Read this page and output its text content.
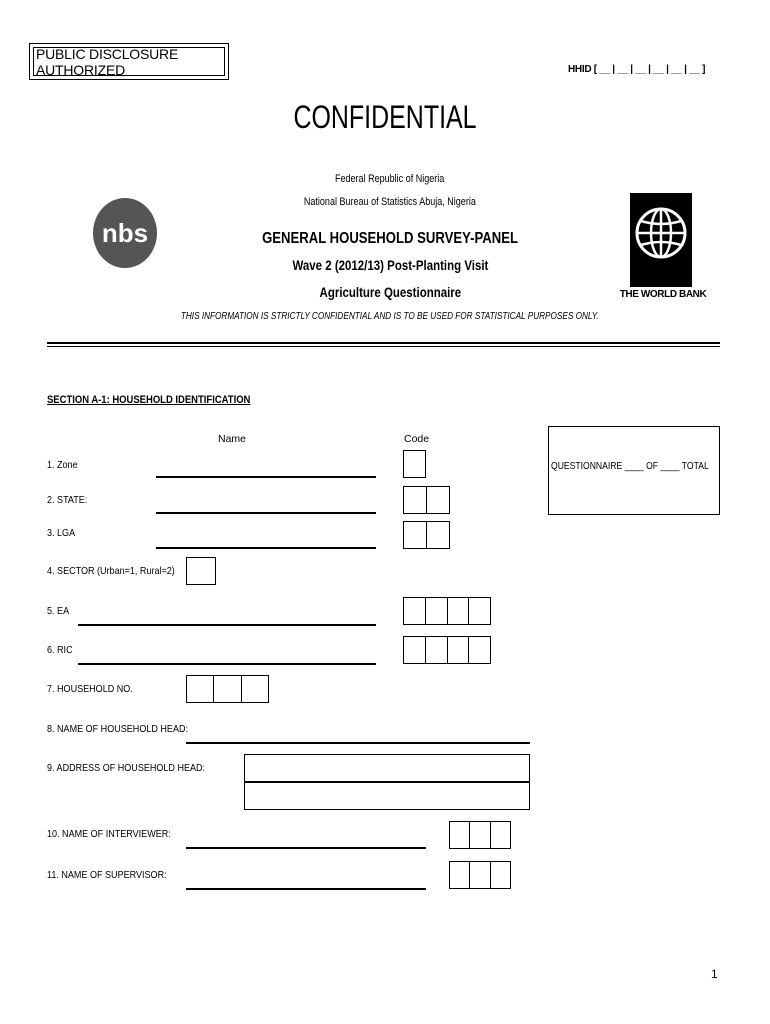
PUBLIC DISCLOSURE AUTHORIZED	HHID [ __ | __ | __ | __ | __ | __ ]
CONFIDENTIAL
Federal Republic of Nigeria
National Bureau of Statistics Abuja, Nigeria
GENERAL HOUSEHOLD SURVEY-PANEL
Wave 2 (2012/13) Post-Planting Visit
Agriculture Questionnaire
THIS INFORMATION IS STRICTLY CONFIDENTIAL AND IS TO BE USED FOR STATISTICAL PURPOSES ONLY.
nbs
THE WORLD BANK
SECTION A-1: HOUSEHOLD IDENTIFICATION
Name	Code
1. Zone
2. STATE:
3. LGA
QUESTIONNAIRE ____ OF ____ TOTAL
4. SECTOR (Urban=1, Rural=2)
5. EA
6. RIC
7. HOUSEHOLD NO.
8. NAME OF HOUSEHOLD HEAD:
9. ADDRESS OF HOUSEHOLD HEAD:
10. NAME OF INTERVIEWER:
11. NAME OF SUPERVISOR:
1
